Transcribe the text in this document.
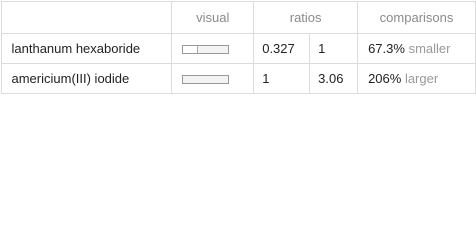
	visual	ratios		comparisons
lanthanum hexaboride		0.327	1	67.3% smaller
americium(III) iodide		1	3.06	206% larger
